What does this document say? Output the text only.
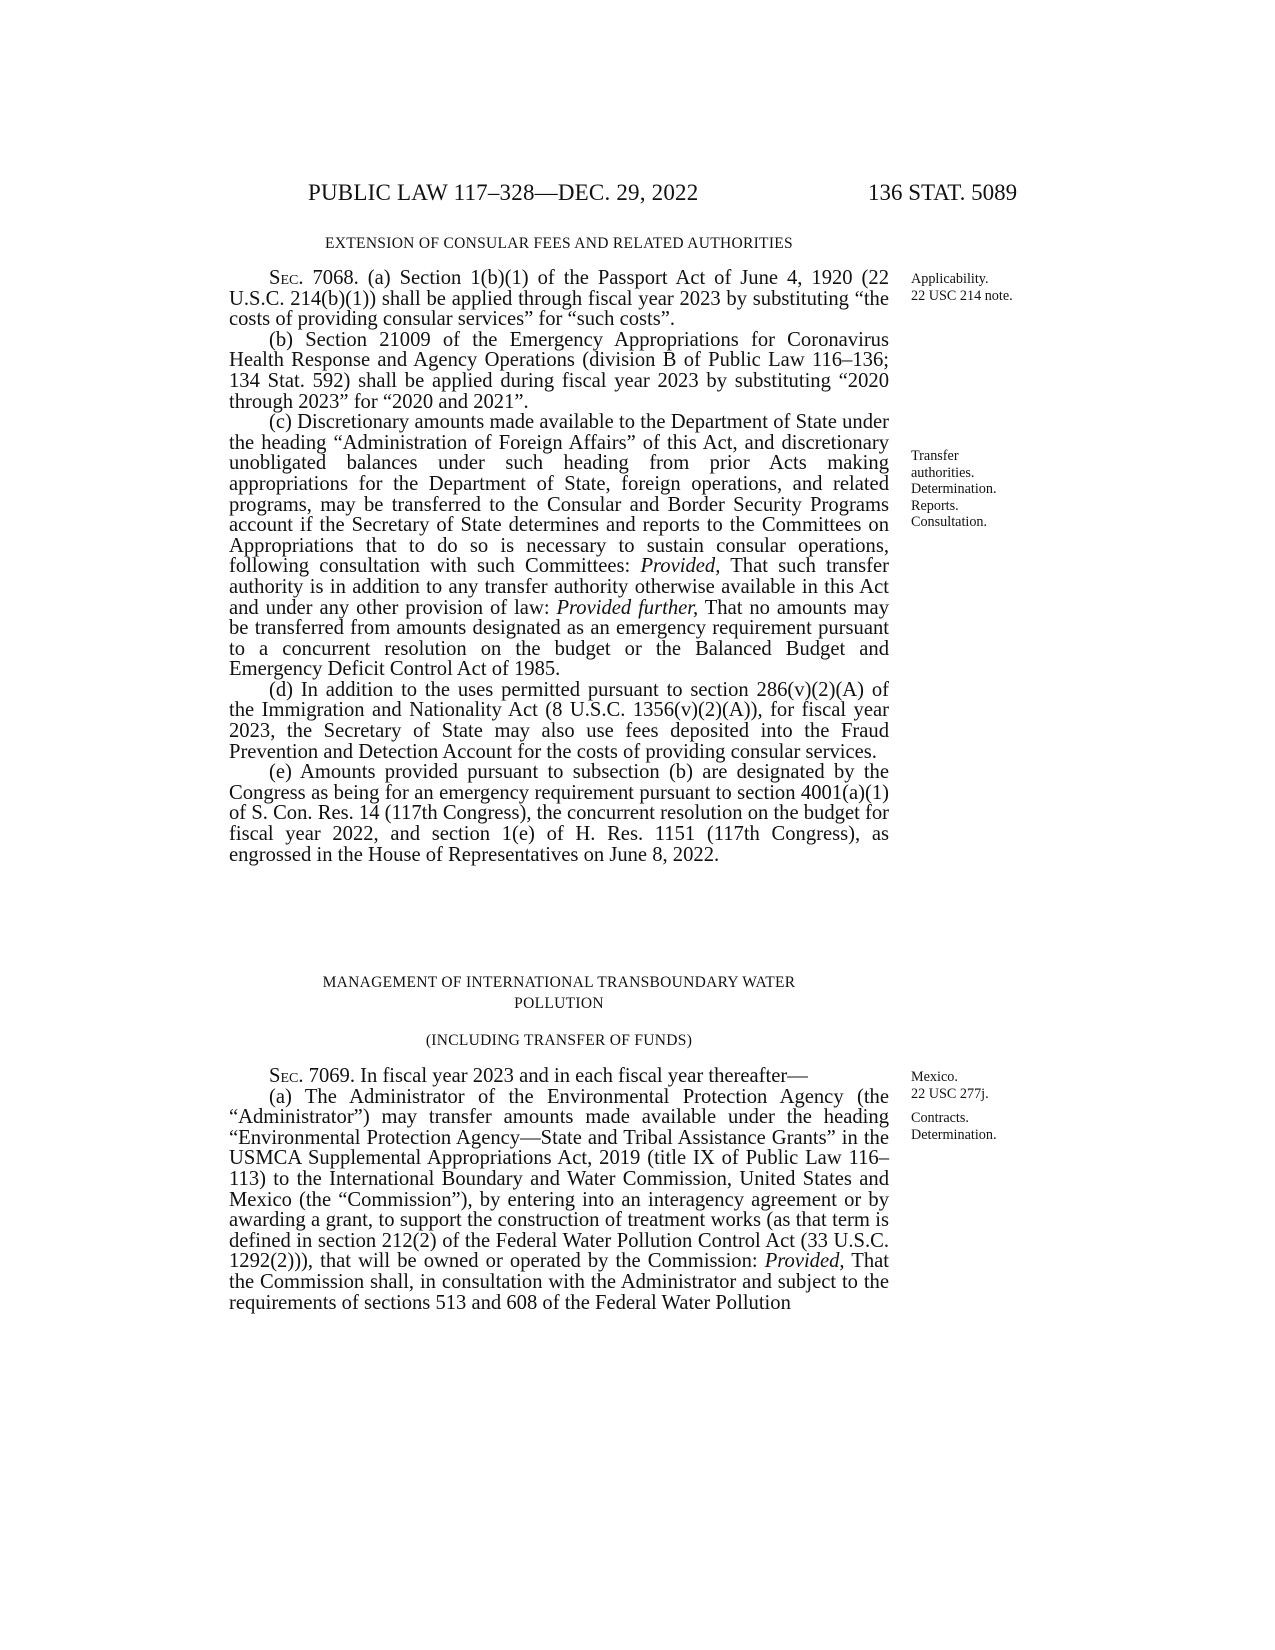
PUBLIC LAW 117–328—DEC. 29, 2022	136 STAT. 5089
EXTENSION OF CONSULAR FEES AND RELATED AUTHORITIES

Sec. 7068. (a) Section 1(b)(1) of the Passport Act of June 4, 1920 (22 U.S.C. 214(b)(1)) shall be applied through fiscal year 2023 by substituting “the costs of providing consular services” for “such costs”.

(b) Section 21009 of the Emergency Appropriations for Coronavirus Health Response and Agency Operations (division B of Public Law 116–136; 134 Stat. 592) shall be applied during fiscal year 2023 by substituting “2020 through 2023” for “2020 and 2021”.

(c) Discretionary amounts made available to the Department of State under the heading “Administration of Foreign Affairs” of this Act, and discretionary unobligated balances under such heading from prior Acts making appropriations for the Department of State, foreign operations, and related programs, may be transferred to the Consular and Border Security Programs account if the Secretary of State determines and reports to the Committees on Appropriations that to do so is necessary to sustain consular operations, following consultation with such Committees: Provided, That such transfer authority is in addition to any transfer authority otherwise available in this Act and under any other provision of law: Provided further, That no amounts may be transferred from amounts designated as an emergency requirement pursuant to a concurrent resolution on the budget or the Balanced Budget and Emergency Deficit Control Act of 1985.

(d) In addition to the uses permitted pursuant to section 286(v)(2)(A) of the Immigration and Nationality Act (8 U.S.C. 1356(v)(2)(A)), for fiscal year 2023, the Secretary of State may also use fees deposited into the Fraud Prevention and Detection Account for the costs of providing consular services.

(e) Amounts provided pursuant to subsection (b) are designated by the Congress as being for an emergency requirement pursuant to section 4001(a)(1) of S. Con. Res. 14 (117th Congress), the concurrent resolution on the budget for fiscal year 2022, and section 1(e) of H. Res. 1151 (117th Congress), as engrossed in the House of Representatives on June 8, 2022.

MANAGEMENT OF INTERNATIONAL TRANSBOUNDARY WATER
POLLUTION
(INCLUDING TRANSFER OF FUNDS)

Sec. 7069. In fiscal year 2023 and in each fiscal year thereafter—

(a) The Administrator of the Environmental Protection Agency (the “Administrator”) may transfer amounts made available under the heading “Environmental Protection Agency—State and Tribal Assistance Grants” in the USMCA Supplemental Appropriations Act, 2019 (title IX of Public Law 116–113) to the International Boundary and Water Commission, United States and Mexico (the “Commission”), by entering into an interagency agreement or by awarding a grant, to support the construction of treatment works (as that term is defined in section 212(2) of the Federal Water Pollution Control Act (33 U.S.C. 1292(2))), that will be owned or operated by the Commission: Provided, That the Commission shall, in consultation with the Administrator and subject to the requirements of sections 513 and 608 of the Federal Water Pollution

Applicability.
22 USC 214 note.
Transfer
authorities.
Determination.
Reports.
Consultation.
Mexico.
22 USC 277j.
Contracts.
Determination.
